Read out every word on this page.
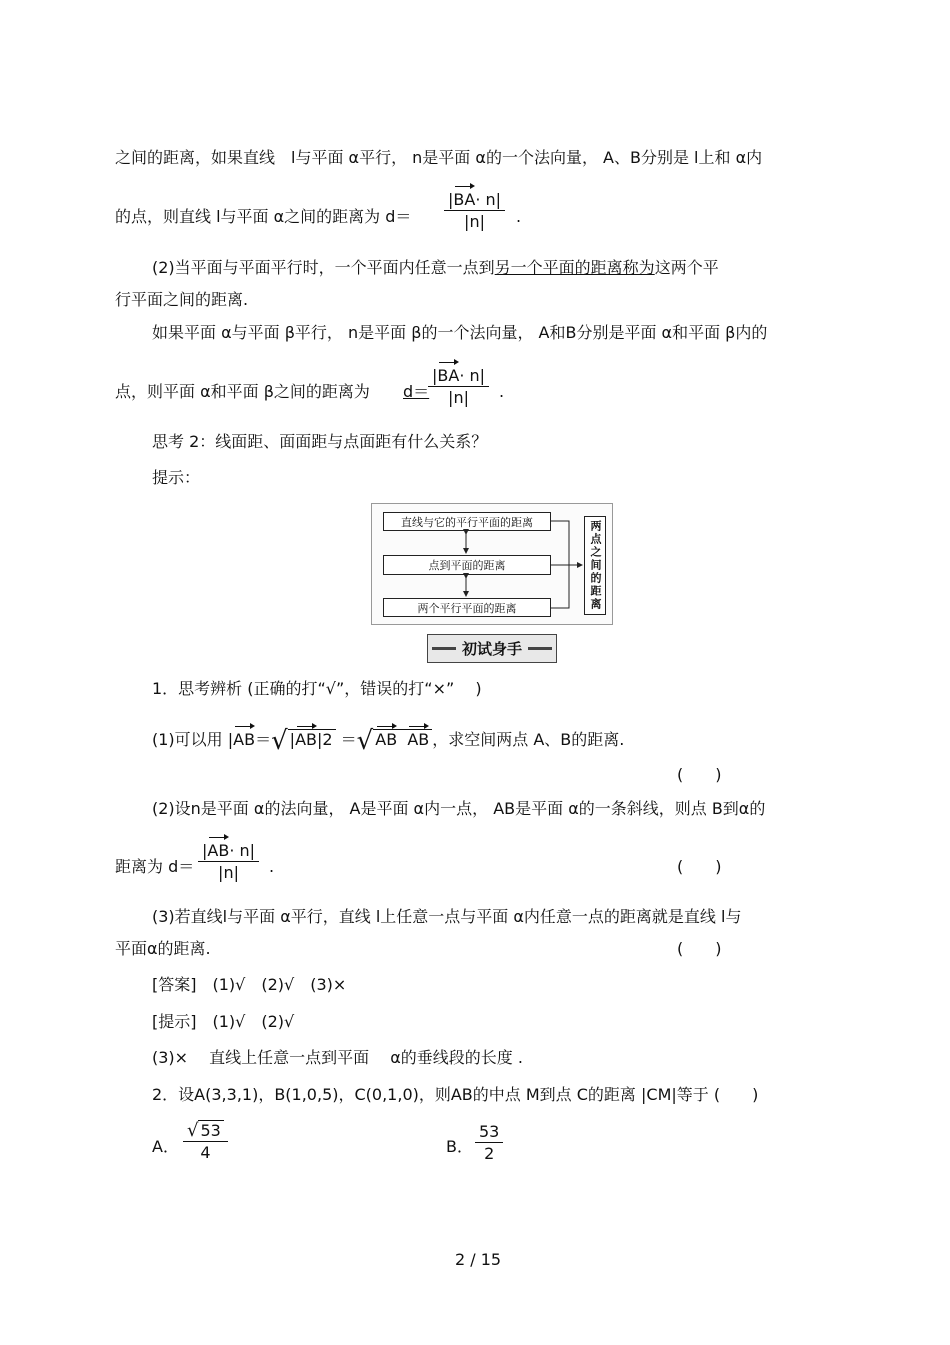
之间的距离，如果直线　l与平面 α平行， n是平面 α的一个法向量， A、B分别是 l上和 α内
的点，则直线 l与平面 α之间的距离为 $d= \frac{|BA\cdot n|}{|n|}$ .
(2)当平面与平面平行时，一个平面内任意一点到另一个平面的距离称为这两个平
行平面之间的距离.
如果平面 α与平面 β平行， n是平面 β的一个法向量， A和B分别是平面 α和平面 β内的
点，则平面 α和平面 β之间的距离为 d＝
$\frac{|BA\cdot n|}{|n|}$ .
思考 2：线面距、面面距与点面距有什么关系？
提示：
直线与它的平行平面的距离
点到平面的距离
两个平行平面的距离	两点之间的距离
初试身手
1．思考辨析 (正确的打“√”，错误的打“×”　 )
(1)可以用 |AB＝√ |AB|2 ＝√ AB AB ，求空间两点 A、B的距离.
(　　)
(2)设n是平面 α的法向量， A是平面 α内一点， AB是平面 α的一条斜线，则点 B到α的
距离为 $d= \frac{|AB\cdot n|}{|n|}$ .	(　　)
(3)若直线l与平面 α平行，直线 l上任意一点与平面 α内任意一点的距离就是直线 l与
平面α的距离.	(　　)
[答案]　(1)√　(2)√　(3)×
[提示]　(1)√　(2)√
(3)×　 直线上任意一点到平面　 α的垂线段的长度 .
2．设A(3,3,1)，B(1,0,5)，C(0,1,0)，则AB的中点 M到点 C的距离 |CM|等于 (　　)
A． $\frac{√ 53}{4}$	B． $\frac{53}{2}$
2 / 15
